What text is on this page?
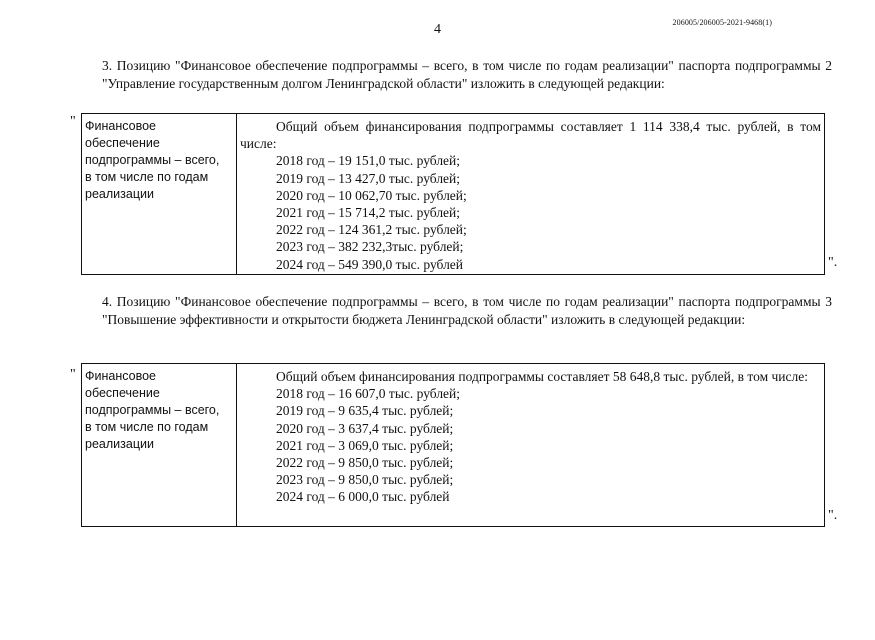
4	206005/206005-2021-9468(1)
3. Позицию "Финансовое обеспечение подпрограммы – всего, в том числе по годам реализации" паспорта подпрограммы 2 "Управление государственным долгом Ленинградской области" изложить в следующей редакции:
" Финансовое
обеспечение
подпрограммы – всего,
в том числе по годам
реализации
Общий объем финансирования подпрограммы составляет 1 114 338,4 тыс. рублей, в том числе:
2018 год – 19 151,0 тыс. рублей;
2019 год – 13 427,0 тыс. рублей;
2020 год – 10 062,70 тыс. рублей;
2021 год – 15 714,2 тыс. рублей;
2022 год – 124 361,2 тыс. рублей;
2023 год – 382 232,3тыс. рублей;
2024 год – 549 390,0 тыс. рублей	".
4. Позицию "Финансовое обеспечение подпрограммы – всего, в том числе по годам реализации" паспорта подпрограммы 3 "Повышение эффективности и открытости бюджета Ленинградской области" изложить в следующей редакции:
" Финансовое
обеспечение
подпрограммы – всего,
в том числе по годам
реализации
Общий объем финансирования подпрограммы составляет 58 648,8 тыс. рублей, в том числе:
2018 год – 16 607,0 тыс. рублей;
2019 год – 9 635,4 тыс. рублей;
2020 год – 3 637,4 тыс. рублей;
2021 год – 3 069,0 тыс. рублей;
2022 год – 9 850,0 тыс. рублей;
2023 год – 9 850,0 тыс. рублей;
2024 год – 6 000,0 тыс. рублей
".
